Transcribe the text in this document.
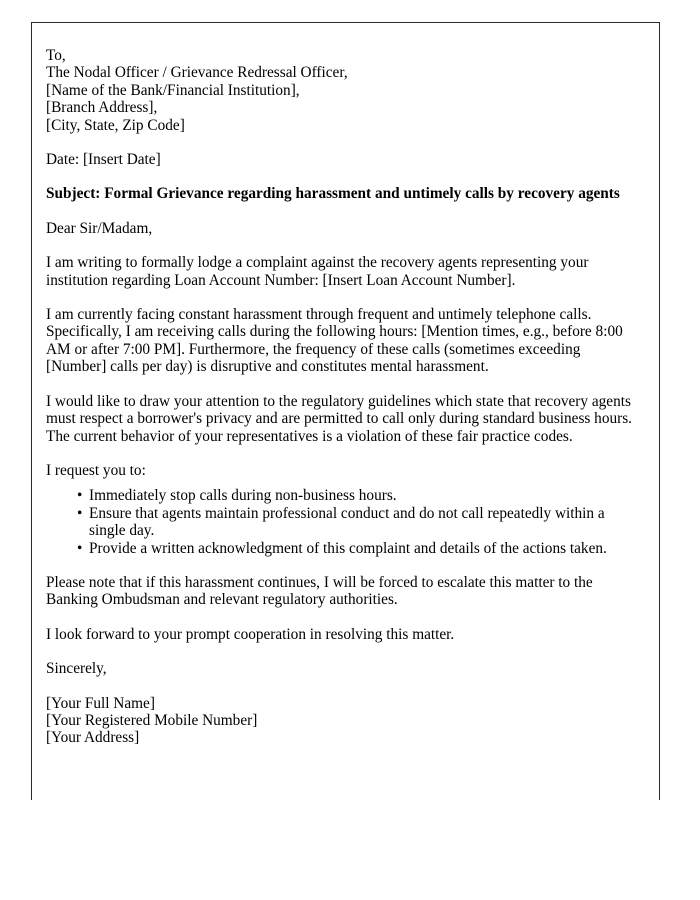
To,
The Nodal Officer / Grievance Redressal Officer,
[Name of the Bank/Financial Institution],
[Branch Address],
[City, State, Zip Code]
Date: [Insert Date]
Subject: Formal Grievance regarding harassment and untimely calls by recovery agents
Dear Sir/Madam,

I am writing to formally lodge a complaint against the recovery agents representing your institution regarding Loan Account Number: [Insert Loan Account Number].

I am currently facing constant harassment through frequent and untimely telephone calls. Specifically, I am receiving calls during the following hours: [Mention times, e.g., before 8:00 AM or after 7:00 PM]. Furthermore, the frequency of these calls (sometimes exceeding [Number] calls per day) is disruptive and constitutes mental harassment.

I would like to draw your attention to the regulatory guidelines which state that recovery agents must respect a borrower's privacy and are permitted to call only during standard business hours. The current behavior of your representatives is a violation of these fair practice codes.

I request you to:
• Immediately stop calls during non-business hours.
• Ensure that agents maintain professional conduct and do not call repeatedly within a single day.
• Provide a written acknowledgment of this complaint and details of the actions taken.

Please note that if this harassment continues, I will be forced to escalate this matter to the Banking Ombudsman and relevant regulatory authorities.

I look forward to your prompt cooperation in resolving this matter.

Sincerely,
[Your Full Name]
[Your Registered Mobile Number]
[Your Address]
